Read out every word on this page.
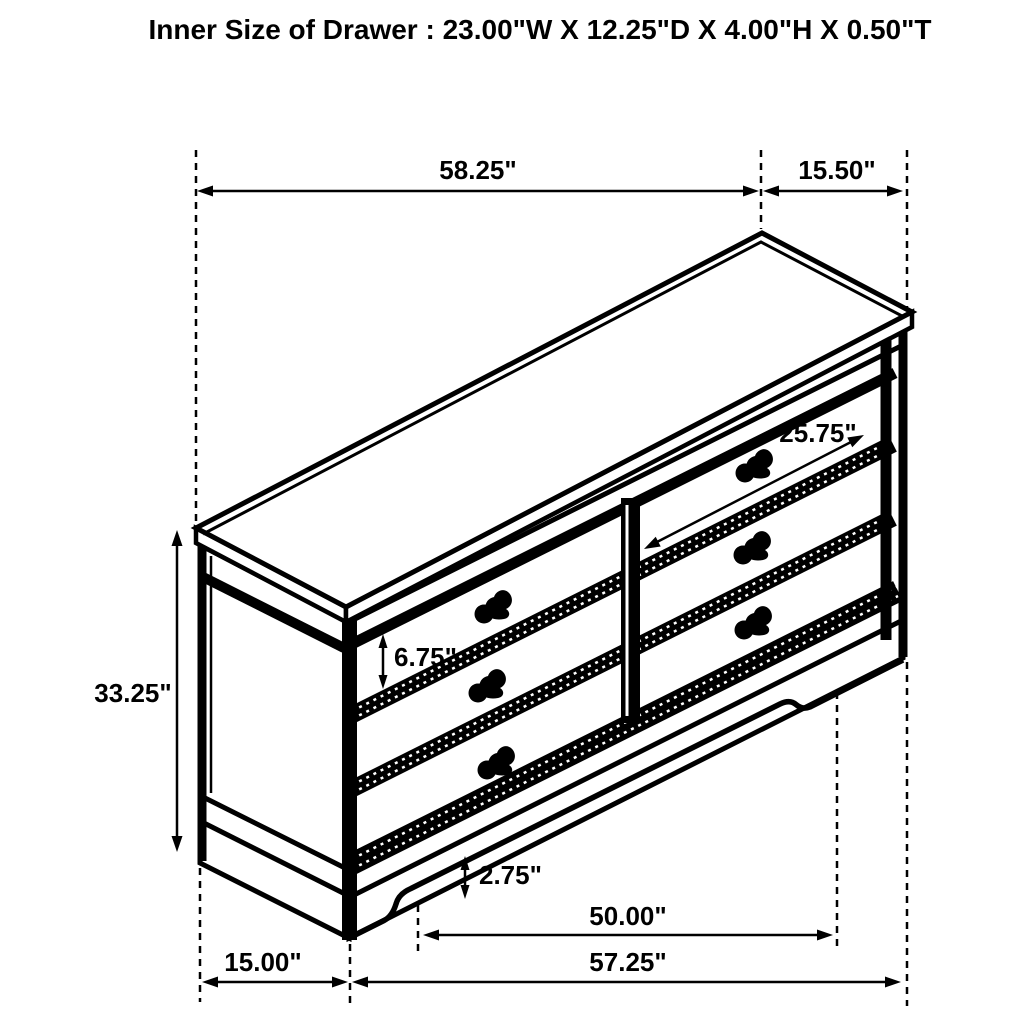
Inner Size of Drawer : 23.00"W X 12.25"D X 4.00"H X 0.50"T
58.25"	15.50"
33.25"
25.75"
6.75"
2.75"
50.00"
15.00"	57.25"
